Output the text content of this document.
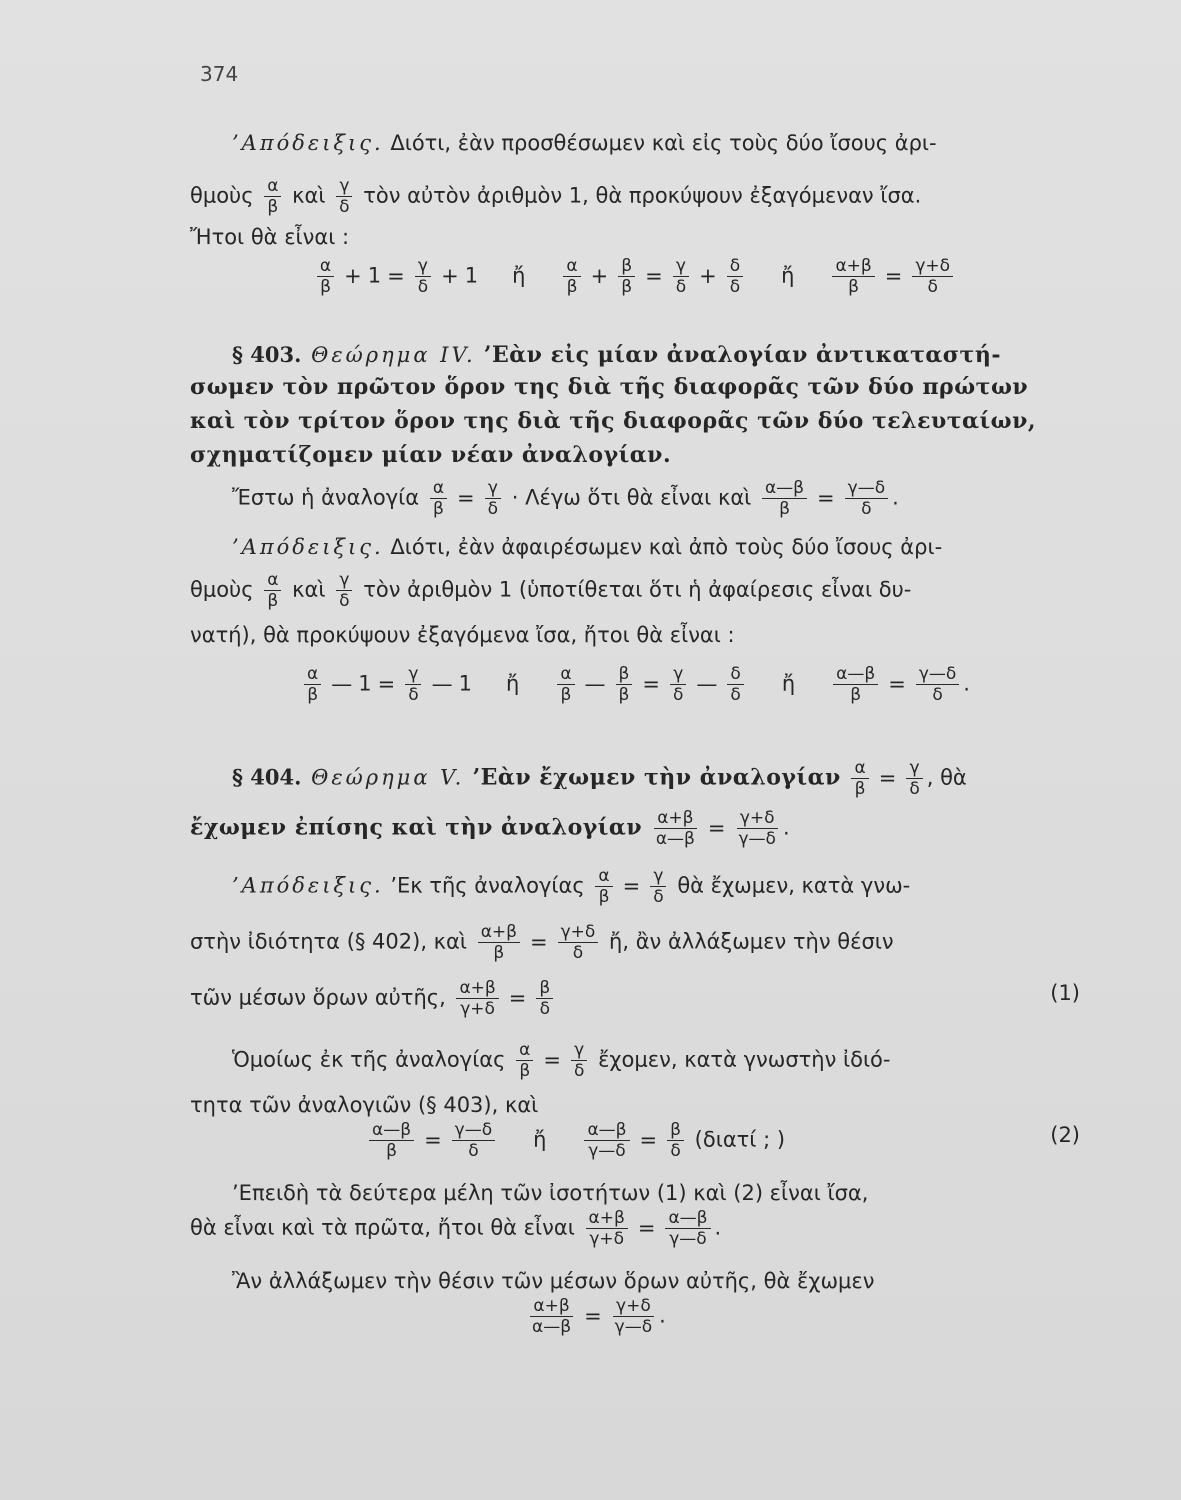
374
’Απόδειξις. Διότι, ἐὰν προσθέσωμεν καὶ εἰς τοὺς δύο ἴσους ἀρι-
θμοὺς $\frac{\alpha}{\beta}$ καὶ $\frac{\gamma}{\delta}$ τὸν αὐτὸν ἀριθμὸν 1, θὰ προκύψουν ἐξαγόμεναν ἴσα.
Ἤτοι θὰ εἶναι :
$\frac{\alpha}{\beta} + 1 = \frac{\gamma}{\delta} + 1$ ἤ $\frac{\alpha}{\beta} + \frac{\beta}{\beta} = \frac{\gamma}{\delta} + \frac{\delta}{\delta}$ ἤ $\frac{\alpha+\beta}{\beta} = \frac{\gamma+\delta}{\delta}$
§ 403. Θεώρημα IV. ’Εὰν εἰς μίαν ἀναλογίαν ἀντικαταστή-
σωμεν τὸν πρῶτον ὅρον της διὰ τῆς διαφορᾶς τῶν δύο πρώτων
καὶ τὸν τρίτον ὅρον της διὰ τῆς διαφορᾶς τῶν δύο τελευταίων,
σχηματίζομεν μίαν νέαν ἀναλογίαν.
Ἔστω ἡ ἀναλογία $\frac{\alpha}{\beta} = \frac{\gamma}{\delta} \cdot \Lambda έ\gamma\omega$ ὅτι θὰ εἶναι καὶ $\frac{\alpha—\beta}{\beta} = \frac{\gamma—\delta}{\delta}$ .
’Απόδειξις. Διότι, ἐὰν ἀφαιρέσωμεν καὶ ἀπὸ τοὺς δύο ἴσους ἀρι-
θμοὺς $\frac{\alpha}{\beta}$ καὶ $\frac{\gamma}{\delta}$ τὸν ἀριθμὸν 1 (ὑποτίθεται ὅτι ἡ ἀφαίρεσις εἶναι δυ-
νατή), θὰ προκύψουν ἐξαγόμενα ἴσα, ἤτοι θὰ εἶναι :
$\frac{\alpha}{\beta}$ — $1 = \frac{\gamma}{\delta}$ — 1 ἤ $\frac{\alpha}{\beta}$ — $\frac{\beta}{\beta} = \frac{\gamma}{\delta}$ — $\frac{\delta}{\delta}$ ἤ $\frac{\alpha—\beta}{\beta} = \frac{\gamma—\delta}{\delta}$ .
§ 404. Θεώρημα V. ’Εὰν ἔχωμεν τὴν ἀναλογίαν $\frac{\alpha}{\beta} = \frac{\gamma}{\delta}$ , θὰ
ἔχωμεν ἐπίσης καὶ τὴν ἀναλογίαν $\frac{\alpha+\beta}{\alpha—\beta} = \frac{\gamma+\delta}{\gamma—\delta}$ .
’Απόδειξις. ’Εκ τῆς ἀναλογίας $\frac{\alpha}{\beta} = \frac{\gamma}{\delta}$ θὰ ἔχωμεν, κατὰ γνω-
στὴν ἰδιότητα (§ 402), καὶ $\frac{\alpha+\beta}{\beta} = \frac{\gamma+\delta}{\delta}$ ἤ, ἂν ἀλλάξωμεν τὴν θέσιν
τῶν μέσων ὅρων αὐτῆς, $\frac{\alpha+\beta}{\gamma+\delta} = \frac{\beta}{\delta}$	(1)
Ὁμοίως ἐκ τῆς ἀναλογίας $\frac{\alpha}{\beta} = \frac{\gamma}{\delta}$ ἔχομεν, κατὰ γνωστὴν ἰδιό-
τητα τῶν ἀναλογιῶν (§ 403), καὶ
$\frac{\alpha—\beta}{\beta} = \frac{\gamma—\delta}{\delta}$ ἤ $\frac{\alpha—\beta}{\gamma—\delta} = \frac{\beta}{\delta} (\delta\iota\alpha\tau ί$ ; )	(2)
’Επειδὴ τὰ δεύτερα μέλη τῶν ἰσοτήτων (1) καὶ (2) εἶναι ἴσα,
θὰ εἶναι καὶ τὰ πρῶτα, ἤτοι θὰ εἶναι $\frac{\alpha+\beta}{\gamma+\delta} = \frac{\alpha—\beta}{\gamma—\delta}$ .
Ἂν ἀλλάξωμεν τὴν θέσιν τῶν μέσων ὅρων αὐτῆς, θὰ ἔχωμεν
$\frac{\alpha+\beta}{\alpha—\beta} = \frac{\gamma+\delta}{\gamma—\delta}$ .
